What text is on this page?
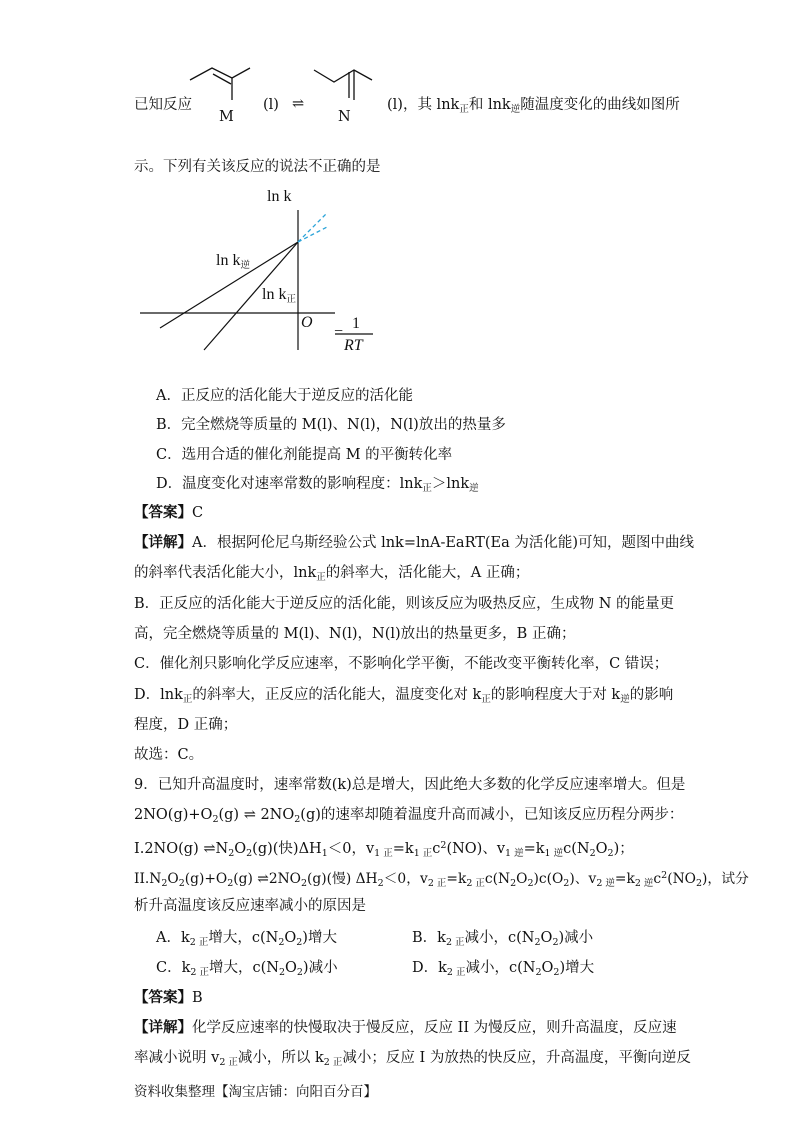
已知反应
M	N
(l) ⇌	(l)，其 lnk$_正$和 lnk$_逆$随温度变化的曲线如图所
示。下列有关该反应的说法不正确的是
ln k
$\ln k_逆$
$\ln k_正$
O
− 1
RT
A．正反应的活化能大于逆反应的活化能
B．完全燃烧等质量的 M(l)、N(l)，N(l)放出的热量多
C．选用合适的催化剂能提高 M 的平衡转化率
D．温度变化对速率常数的影响程度：lnk$_正$＞lnk$_逆$
【答案】C
【详解】A．根据阿伦尼乌斯经验公式 lnk=lnA-EaRT(Ea 为活化能)可知，题图中曲线
的斜率代表活化能大小，lnk$_正$的斜率大，活化能大，A 正确；
B．正反应的活化能大于逆反应的活化能，则该反应为吸热反应，生成物 N 的能量更
高，完全燃烧等质量的 M(l)、N(l)，N(l)放出的热量更多，B 正确；
C．催化剂只影响化学反应速率，不影响化学平衡，不能改变平衡转化率，C 错误；
D．lnk$_正$的斜率大，正反应的活化能大，温度变化对 $k_正$的影响程度大于对 $k_逆$的影响
程度，D 正确；
故选：C。
9．已知升高温度时，速率常数(k)总是增大，因此绝大多数的化学反应速率增大。但是
$2NO(g)+O_2(g)$ ⇌ $2NO_2(g)$的速率却随着温度升高而减小，已知该反应历程分两步：
I.2NO(g) $\rightleftharpoons N_2O_2(g)$(快)$\Delta H_1<0$，$v_{1 正}=k_{1 正}c^2(NO)$、$v_{1 逆}=k_{1 逆}c(N_2O_2)$；
$II.N_2O_2(g)+O_2(g)$ $\rightleftharpoons 2NO_2(g)$(慢) $\Delta H_2<0$，$v_{2 正}=k_{2 正}c(N_2O_2)c(O_2)$、$v_{2 逆}=k_{2 逆}c^2(NO_2)$，试分
析升高温度该反应速率减小的原因是
A．$k_{2 正}$增大，$c(N_2O_2)$增大	B．$k_{2 正}$减小，$c(N_2O_2)$减小
C．$k_{2 正}$增大，$c(N_2O_2)$减小	D．$k_{2 正}$减小，$c(N_2O_2)$增大
【答案】B
【详解】化学反应速率的快慢取决于慢反应，反应 II 为慢反应，则升高温度，反应速
率减小说明 $v_{2 正}$减小，所以 $k_{2 正}$减小；反应 I 为放热的快反应，升高温度，平衡向逆反
资料收集整理【淘宝店铺：向阳百分百】
